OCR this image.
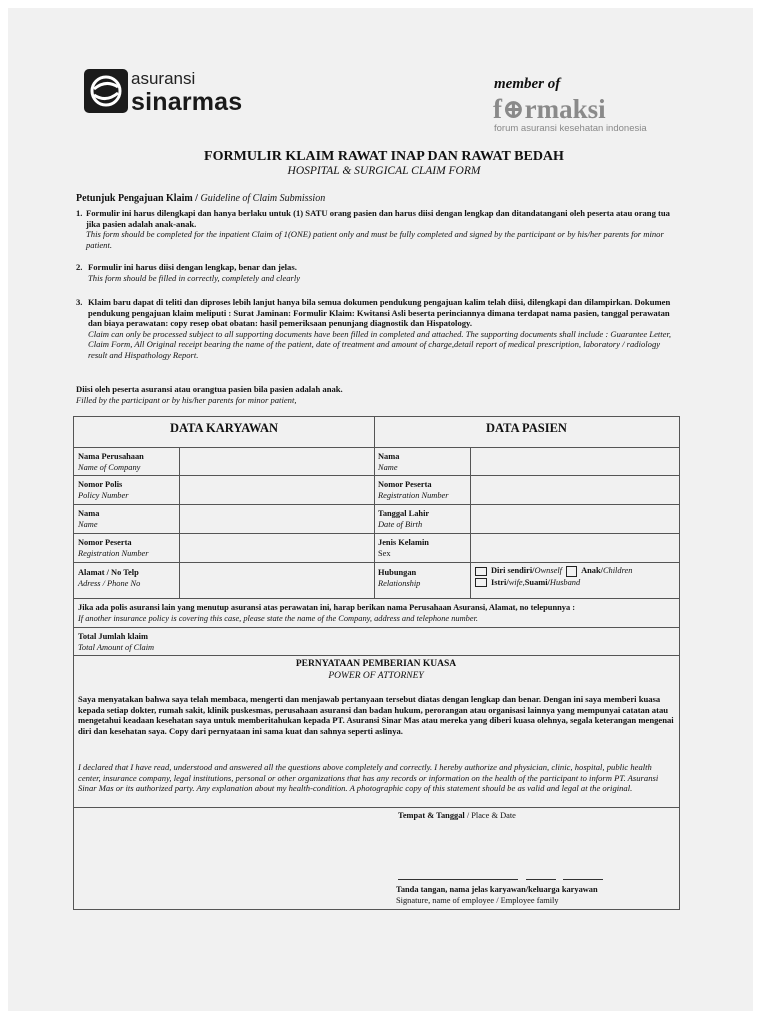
asuransi
sinarmas
member of
f⊕rmaksi
forum asuransi kesehatan indonesia
FORMULIR KLAIM RAWAT INAP DAN RAWAT BEDAH
HOSPITAL & SURGICAL CLAIM FORM
Petunjuk Pengajuan Klaim / Guideline of Claim Submission
1. Formulir ini harus dilengkapi dan hanya berlaku untuk (1) SATU orang pasien dan harus diisi dengan lengkap dan ditandatangani oleh peserta atau orang tua jika pasien adalah anak-anak.
This form should be completed for the inpatient Claim of 1(ONE) patient only and must be fully completed and signed by the participant or by his/her parents for minor patient.
2. Formulir ini harus diisi dengan lengkap, benar dan jelas.
This form should be filled in correctly, completely and clearly
3. Klaim baru dapat di teliti dan diproses lebih lanjut hanya bila semua dokumen pendukung pengajuan kalim telah diisi, dilengkapi dan dilampirkan. Dokumen pendukung pengajuan klaim meliputi : Surat Jaminan: Formulir Klaim: Kwitansi Asli beserta perinciannya dimana terdapat nama pasien, tanggal perawatan dan biaya perawatan: copy resep obat obatan: hasil pemeriksaan penunjang diagnostik dan Hispatology.
Claim can only be processed subject to all supporting documents have been filled in completed and attached. The supporting documents shall include : Guarantee Letter, Claim Form, All Original receipt bearing the name of the patient, date of treatment and amount of charge,detail report of medical prescription, laboratory / radiology result and Hispathology Report.
Diisi oleh peserta asuransi atau orangtua pasien bila pasien adalah anak.
Filled by the participant or by his/her parents for minor patient,
DATA KARYAWAN	DATA PASIEN
Nama Perusahaan
Name of Company
Nomor Polis
Policy Number
Nama
Name
Nomor Peserta
Registration Number
Alamat / No Telp
Adress / Phone No
Nama
Name
Nomor Peserta
Registration Number
Tanggal Lahir
Date of Birth
Jenis Kelamin
Sex
Hubungan
Relationship
Diri sendiri/Ownself Anak/Children
Istri/wife,Suami/Husband
Jika ada polis asuransi lain yang menutup asuransi atas perawatan ini, harap berikan nama Perusahaan Asuransi, Alamat, no telepunnya :
If another insurance policy is covering this case, please state the name of the Company, address and telephone number.
Total Jumlah klaim
Total Amount of Claim
PERNYATAAN PEMBERIAN KUASA
POWER OF ATTORNEY
Saya menyatakan bahwa saya telah membaca, mengerti dan menjawab pertanyaan tersebut diatas dengan lengkap dan benar. Dengan ini saya memberi kuasa kepada setiap dokter, rumah sakit, klinik puskesmas, perusahaan asuransi dan badan hukum, perorangan atau organisasi lainnya yang mempunyai catatan atau mengetahui keadaan kesehatan saya untuk memberitahukan kepada PT. Asuransi Sinar Mas atau mereka yang diberi kuasa olehnya, segala keterangan mengenai diri dan kesehatan saya. Copy dari pernyataan ini sama kuat dan sahnya seperti aslinya.
I declared that I have read, understood and answered all the questions above completely and correctly. I hereby authorize and physician, clinic, hospital, public health center, insurance company, legal institutions, personal or other organizations that has any records or information on the health of the participant to inform PT. Asuransi Sinar Mas or its authorized party. Any explanation about my health-condition. A photographic copy of this statement should be as valid and legal at the original.
Tempat & Tanggal / Place & Date
Tanda tangan, nama jelas karyawan/keluarga karyawan
Signature, name of employee / Employee family
